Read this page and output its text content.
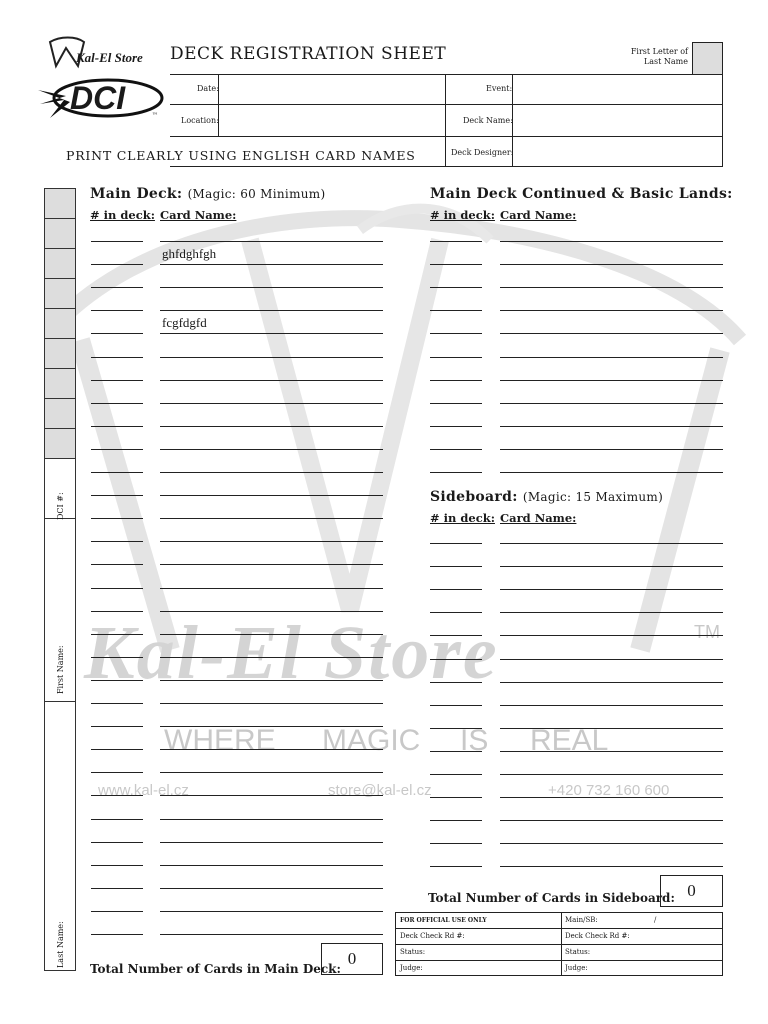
Kal-El Store	TM
WHERE MAGIC IS REAL
www.kal-el.cz	store@kal-el.cz	+420 732 160 600
Kal-El Store
DCI	™
DECK REGISTRATION SHEET	First Letter of
Last Name
Date:
Location:
Event:
Deck Name:
Deck Designer:
PRINT CLEARLY USING ENGLISH CARD NAMES
DCI #:
First Name:
Last Name:
Main Deck: (Magic: 60 Minimum)
# in deck: Card Name:
ghfdghfgh
fcgfdgfd
Main Deck Continued & Basic Lands:
# in deck: Card Name:
Sideboard: (Magic: 15 Maximum)
# in deck: Card Name:
Total Number of Cards in Sideboard: 0
Total Number of Cards in Main Deck:
0
FOR OFFICIAL USE ONLY	Main/SB:	/
Deck Check Rd #:	Deck Check Rd #:
Status:	Status:
Judge:	Judge:
